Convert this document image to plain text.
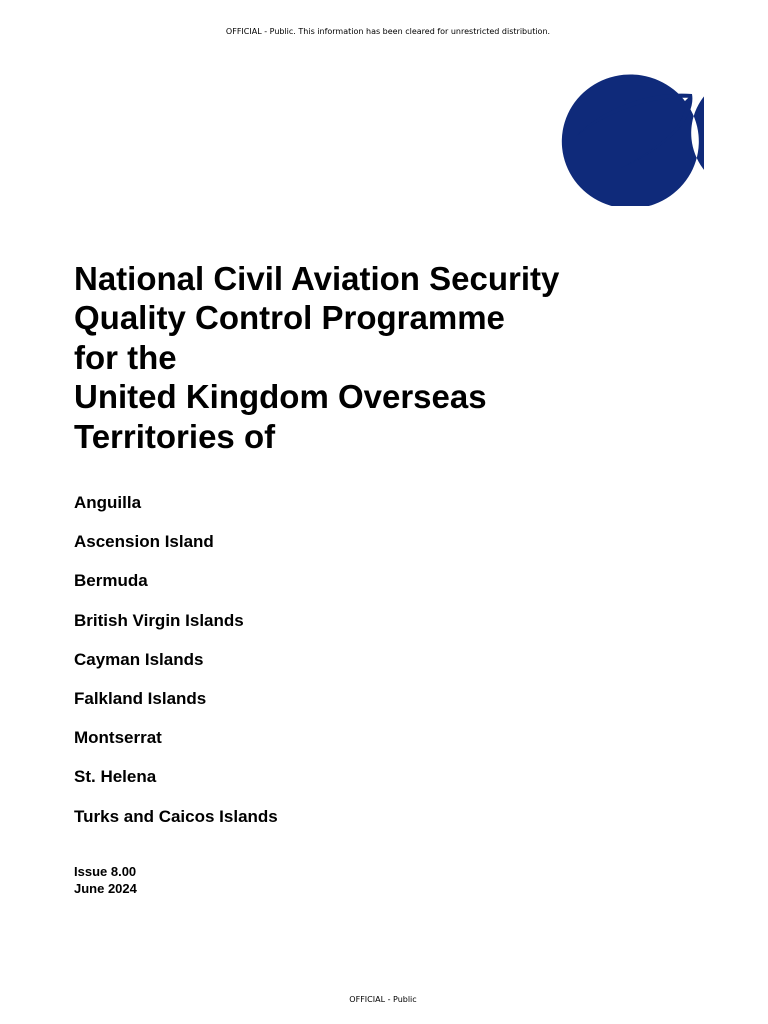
OFFICIAL - Public. This information has been cleared for unrestricted distribution.
National Civil Aviation Security
Quality Control Programme
for the
United Kingdom Overseas
Territories of
Anguilla
Ascension Island
Bermuda
British Virgin Islands
Cayman Islands
Falkland Islands
Montserrat
St. Helena
Turks and Caicos Islands
Issue 8.00
June 2024
OFFICIAL - Public
